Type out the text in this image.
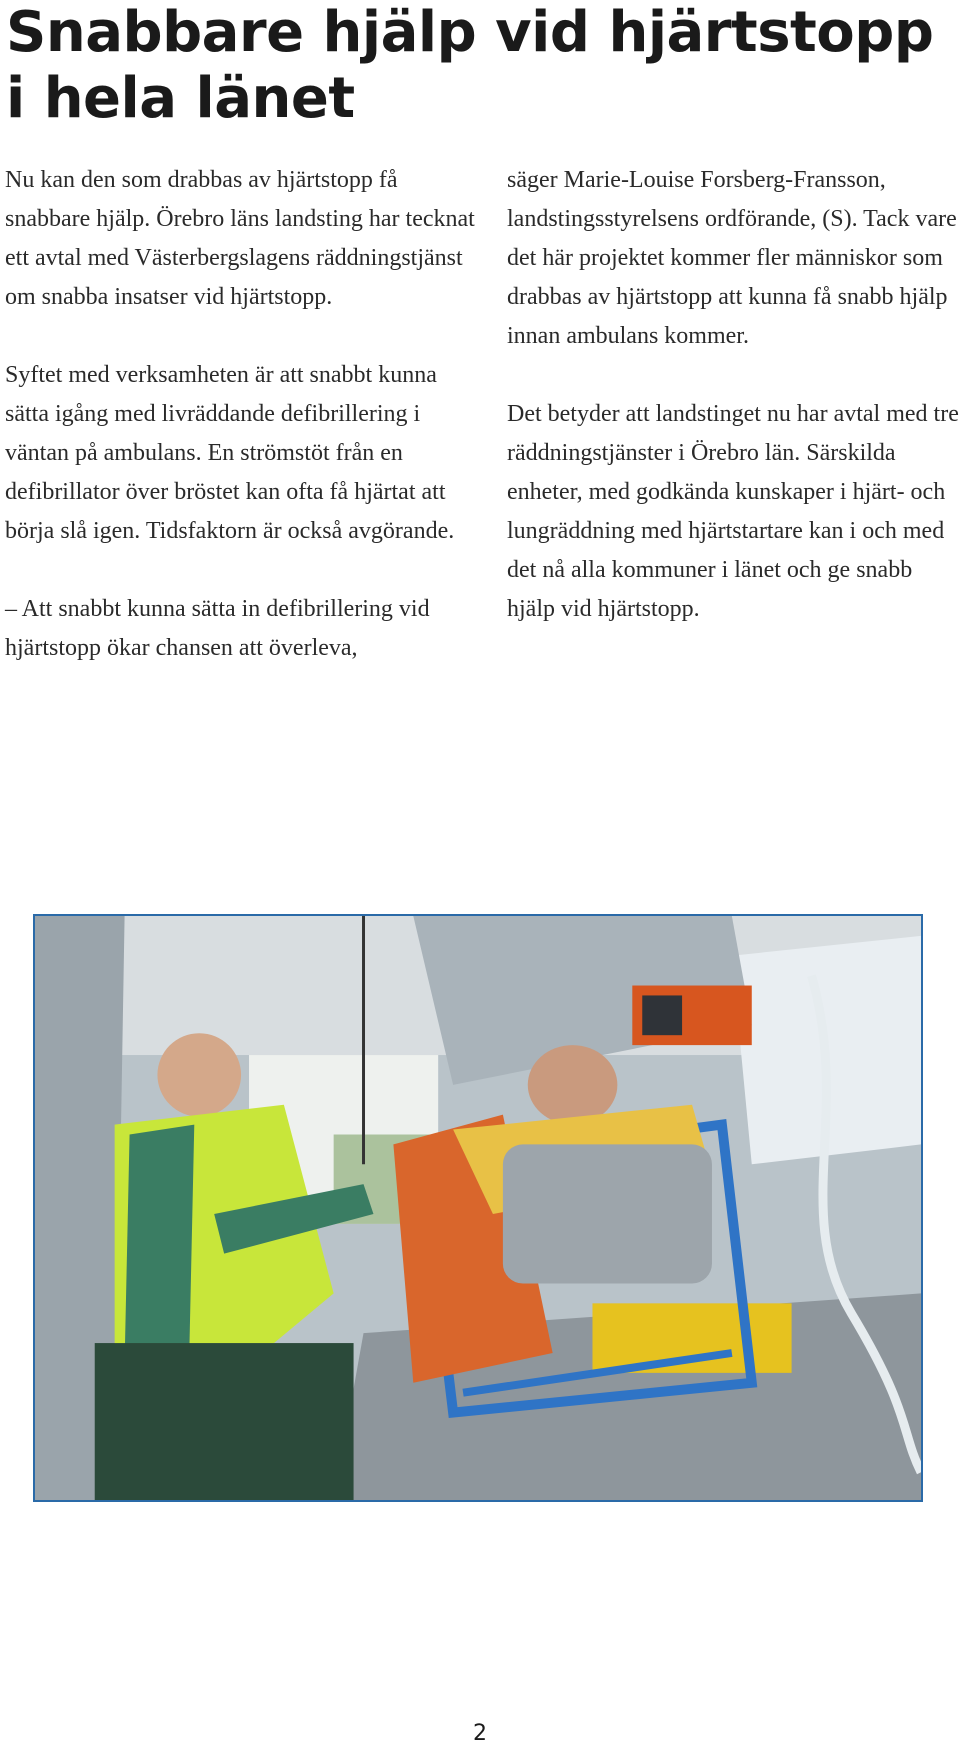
Snabbare hjälp vid hjärtstopp i hela länet

Nu kan den som drabbas av hjärtstopp få snabbare hjälp. Örebro läns landsting har tecknat ett avtal med Västerbergslagens räddningstjänst om snabba insatser vid hjärtstopp.

Syftet med verksamheten är att snabbt kunna sätta igång med livräddande defibrillering i väntan på ambulans. En strömstöt från en defibrillator över bröstet kan ofta få hjärtat att börja slå igen. Tidsfaktorn är också avgörande.

– Att snabbt kunna sätta in defibrillering vid hjärtstopp ökar chansen att överleva,

säger Marie-Louise Forsberg-Fransson, landstingsstyrelsens ordförande, (S). Tack vare det här projektet kommer fler människor som drabbas av hjärtstopp att kunna få snabb hjälp innan ambulans kommer.

Det betyder att landstinget nu har avtal med tre räddningstjänster i Örebro län. Särskilda enheter, med godkända kunskaper i hjärt- och lungräddning med hjärtstartare kan i och med det nå alla kommuner i länet och ge snabb hjälp vid hjärtstopp.

2
